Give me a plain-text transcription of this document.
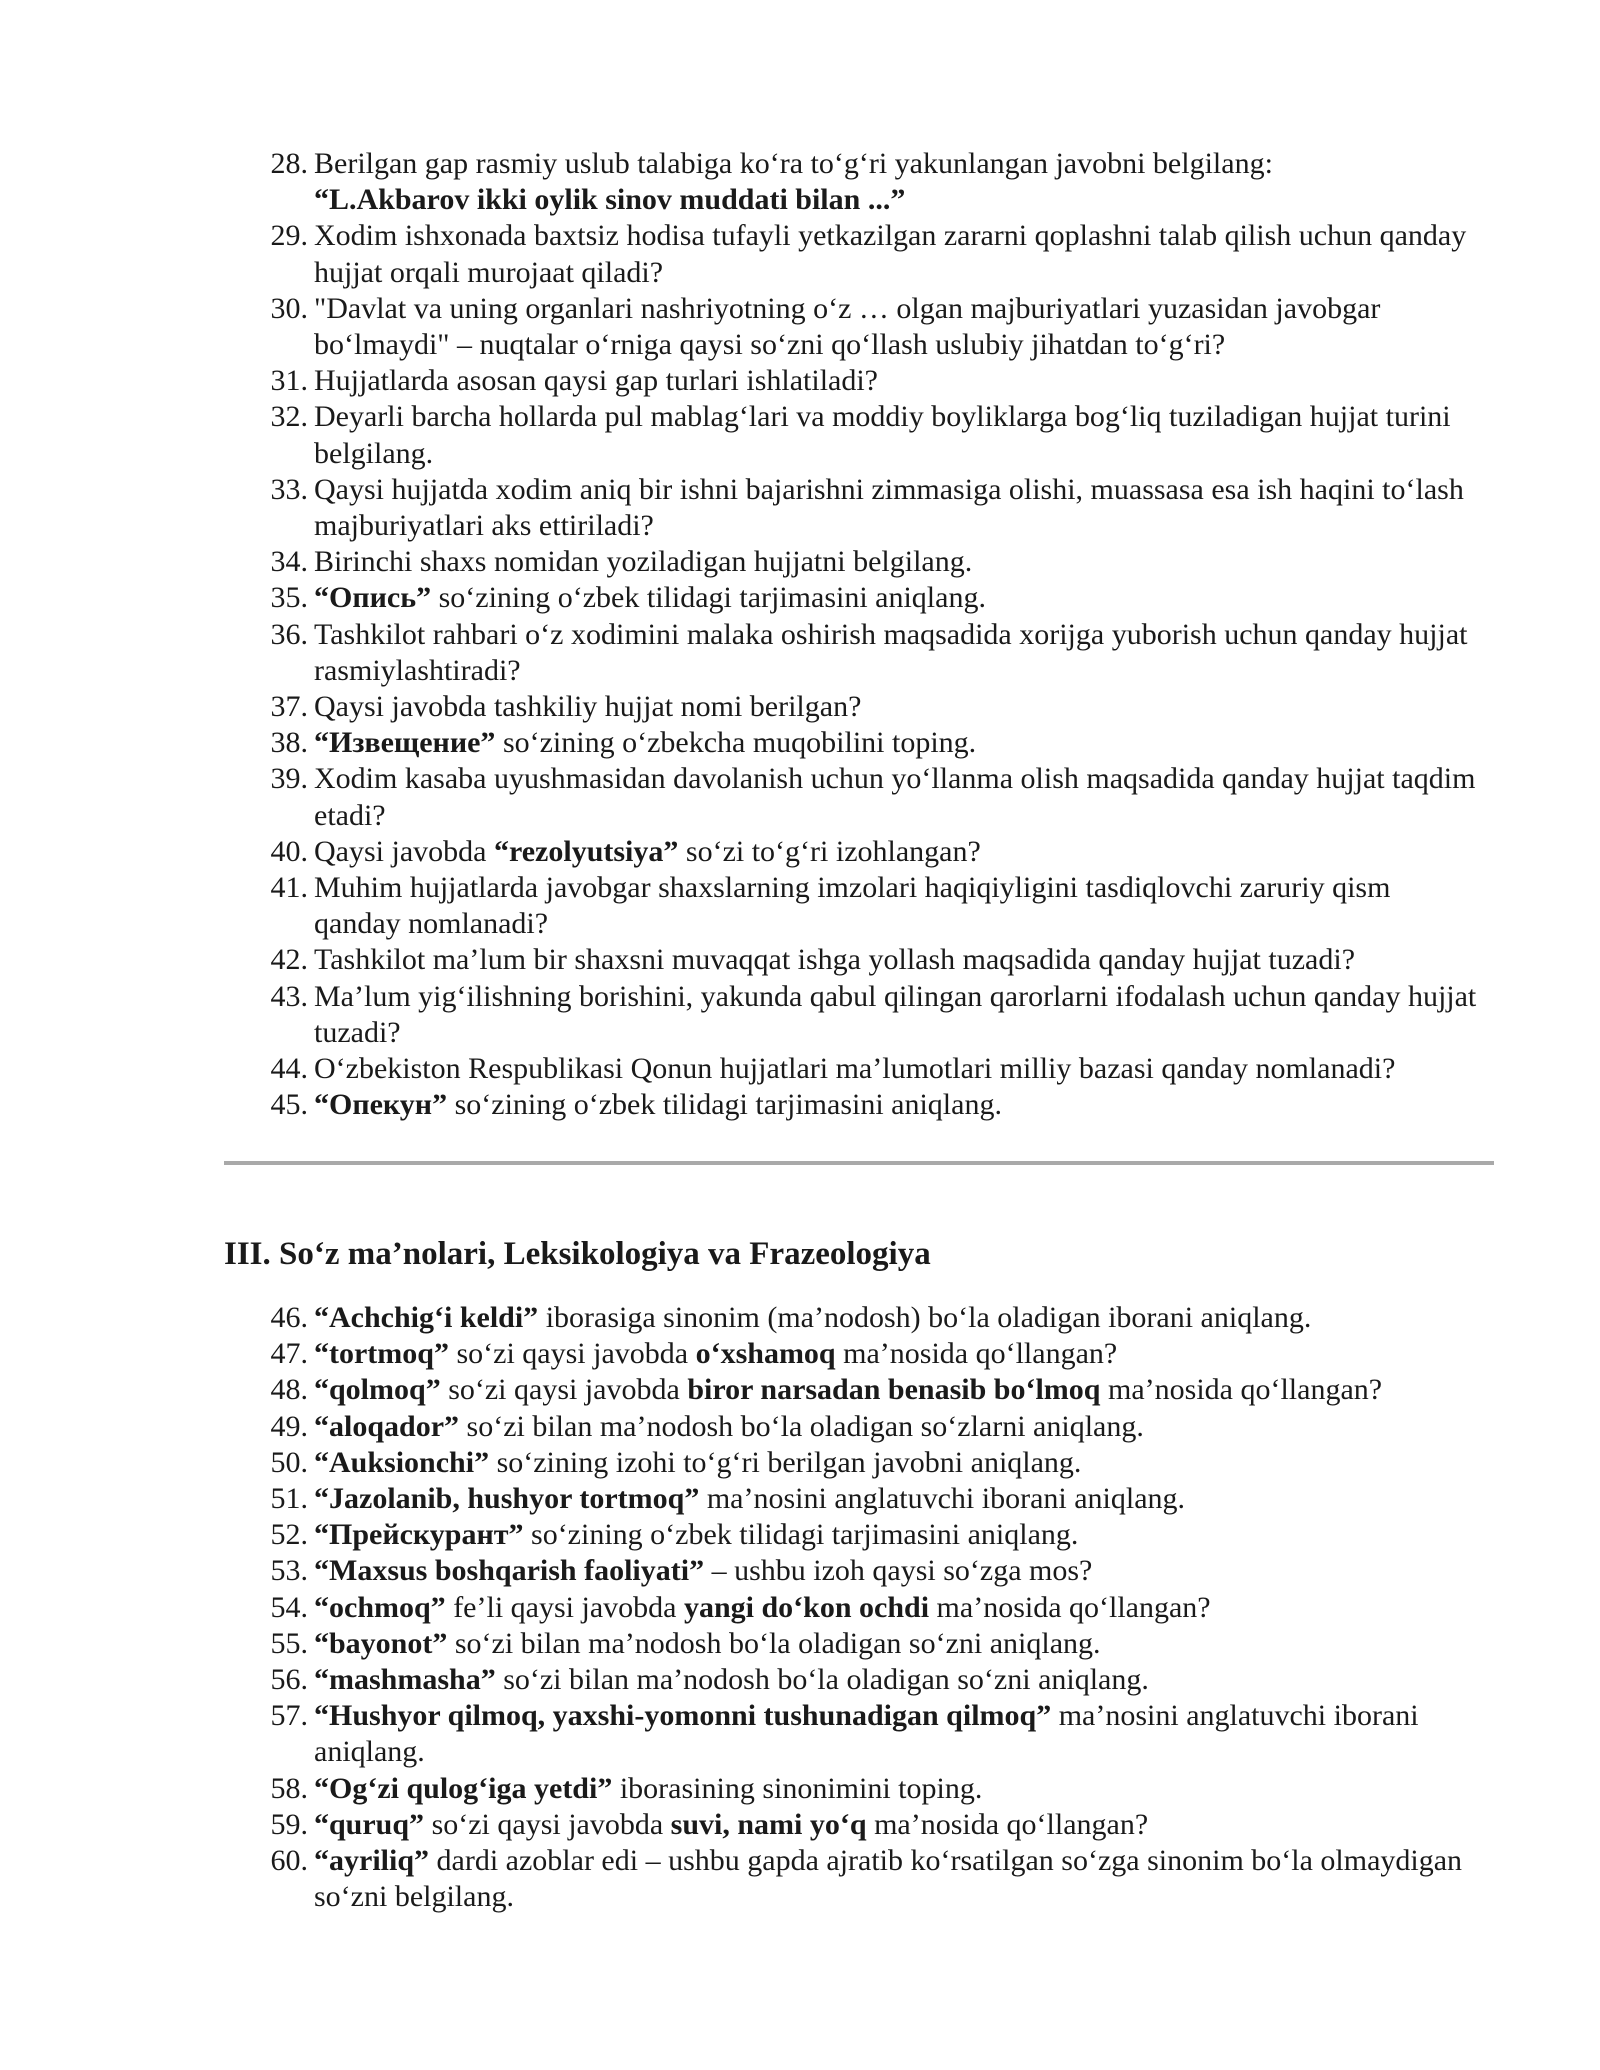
28 . Berilgan gap rasmiy uslub talabiga ko‘ra to‘g‘ri yakunlangan javobni belgilang:
“L.Akbarov ikki oylik sinov muddati bilan ...”
29 . Xodim ishxonada baxtsiz hodisa tufayli yetkazilgan zararni qoplashni talab qilish uchun qanday hujjat orqali murojaat qiladi?
30 . "Davlat va uning organlari nashriyotning o‘z … olgan majburiyatlari yuzasidan javobgar bo‘lmaydi" – nuqtalar o‘rniga qaysi so‘zni qo‘llash uslubiy jihatdan to‘g‘ri?
31 . Hujjatlarda asosan qaysi gap turlari ishlatiladi?
32 . Deyarli barcha hollarda pul mablag‘lari va moddiy boyliklarga bog‘liq tuziladigan hujjat turini belgilang.
33 . Qaysi hujjatda xodim aniq bir ishni bajarishni zimmasiga olishi, muassasa esa ish haqini to‘lash majburiyatlari aks ettiriladi?
34 . Birinchi shaxs nomidan yoziladigan hujjatni belgilang.
35 . “Опись” so‘zining o‘zbek tilidagi tarjimasini aniqlang.
36 . Tashkilot rahbari o‘z xodimini malaka oshirish maqsadida xorijga yuborish uchun qanday hujjat rasmiylashtiradi?
37 . Qaysi javobda tashkiliy hujjat nomi berilgan?
38 . “Извещение” so‘zining o‘zbekcha muqobilini toping.
39 . Xodim kasaba uyushmasidan davolanish uchun yo‘llanma olish maqsadida qanday hujjat taqdim etadi?
40 . Qaysi javobda “rezolyutsiya” so‘zi to‘g‘ri izohlangan?
41 . Muhim hujjatlarda javobgar shaxslarning imzolari haqiqiyligini tasdiqlovchi zaruriy qism qanday nomlanadi?
42 . Tashkilot ma’lum bir shaxsni muvaqqat ishga yollash maqsadida qanday hujjat tuzadi?
43 . Ma’lum yig‘ilishning borishini, yakunda qabul qilingan qarorlarni ifodalash uchun qanday hujjat tuzadi?
44 . O‘zbekiston Respublikasi Qonun hujjatlari ma’lumotlari milliy bazasi qanday nomlanadi?
45 . “Опекун” so‘zining o‘zbek tilidagi tarjimasini aniqlang.
III. So‘z ma’nolari, Leksikologiya va Frazeologiya
46 . “Achchig‘i keldi” iborasiga sinonim (ma’nodosh) bo‘la oladigan iborani aniqlang.
47 . “tortmoq” so‘zi qaysi javobda o‘xshamoq ma’nosida qo‘llangan?
48 . “qolmoq” so‘zi qaysi javobda biror narsadan benasib bo‘lmoq ma’nosida qo‘llangan?
49 . “aloqador” so‘zi bilan ma’nodosh bo‘la oladigan so‘zlarni aniqlang.
50 . “Auksionchi” so‘zining izohi to‘g‘ri berilgan javobni aniqlang.
51 . “Jazolanib, hushyor tortmoq” ma’nosini anglatuvchi iborani aniqlang.
52 . “Прейскурант” so‘zining o‘zbek tilidagi tarjimasini aniqlang.
53 . “Maxsus boshqarish faoliyati” – ushbu izoh qaysi so‘zga mos?
54 . “ochmoq” fe’li qaysi javobda yangi do‘kon ochdi ma’nosida qo‘llangan?
55 . “bayonot” so‘zi bilan ma’nodosh bo‘la oladigan so‘zni aniqlang.
56 . “mashmasha” so‘zi bilan ma’nodosh bo‘la oladigan so‘zni aniqlang.
57 . “Hushyor qilmoq, yaxshi-yomonni tushunadigan qilmoq” ma’nosini anglatuvchi iborani aniqlang.
58 . “Og‘zi qulog‘iga yetdi” iborasining sinonimini toping.
59 . “quruq” so‘zi qaysi javobda suvi, nami yo‘q ma’nosida qo‘llangan?
60 . “ayriliq” dardi azoblar edi – ushbu gapda ajratib ko‘rsatilgan so‘zga sinonim bo‘la olmaydigan so‘zni belgilang.
